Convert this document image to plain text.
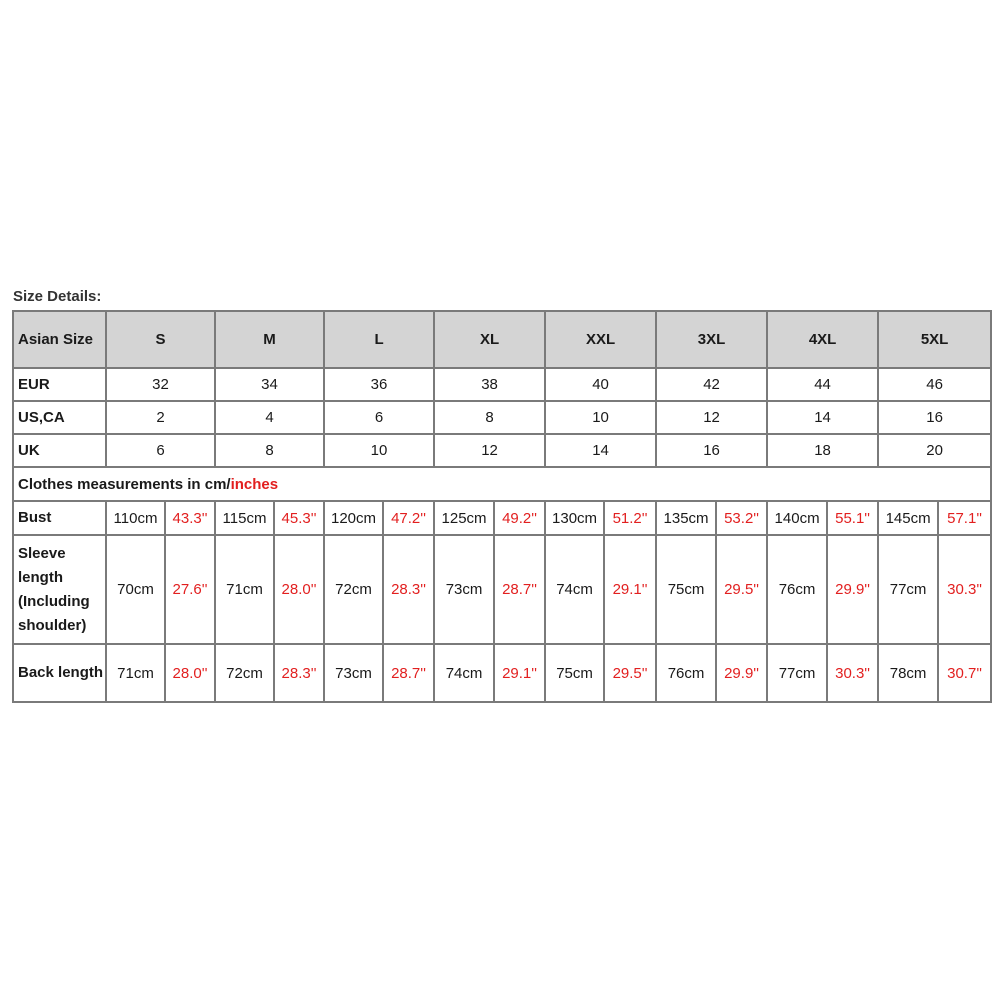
Size Details:
Asian Size	S		M		L		XL		XXL		3XL		4XL		5XL	
EUR	32		34		36		38		40		42		44		46	
US,CA	2		4		6		8		10		12		14		16	
UK	6		8		10		12		14		16		18		20	
Clothes measurements in cm/inches																
Bust	110cm	43.3''	115cm	45.3''	120cm	47.2''	125cm	49.2''	130cm	51.2''	135cm	53.2''	140cm	55.1''	145cm	57.1''
Sleeve length (Including shoulder)	70cm	27.6''	71cm	28.0''	72cm	28.3''	73cm	28.7''	74cm	29.1''	75cm	29.5''	76cm	29.9''	77cm	30.3''
Back length	71cm	28.0''	72cm	28.3''	73cm	28.7''	74cm	29.1''	75cm	29.5''	76cm	29.9''	77cm	30.3''	78cm	30.7''
